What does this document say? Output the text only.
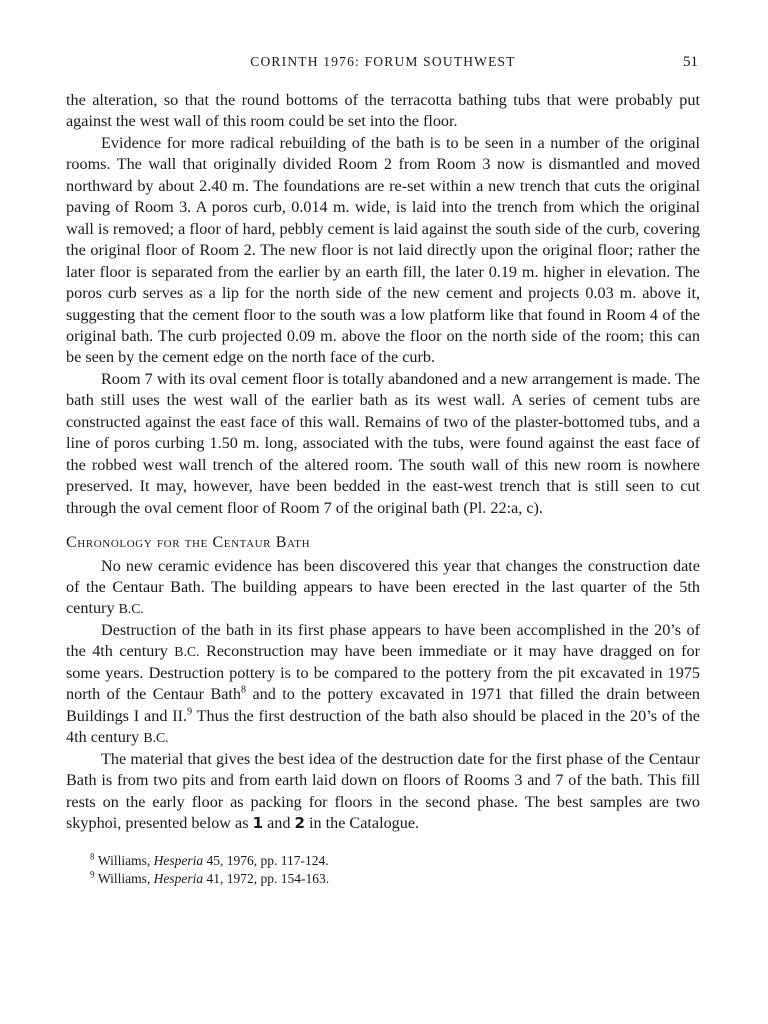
CORINTH 1976: FORUM SOUTHWEST	51

the alteration, so that the round bottoms of the terracotta bathing tubs that were probably put against the west wall of this room could be set into the floor.

Evidence for more radical rebuilding of the bath is to be seen in a number of the original rooms. The wall that originally divided Room 2 from Room 3 now is dismantled and moved northward by about 2.40 m. The foundations are re-set within a new trench that cuts the original paving of Room 3. A poros curb, 0.014 m. wide, is laid into the trench from which the original wall is removed; a floor of hard, pebbly cement is laid against the south side of the curb, covering the original floor of Room 2. The new floor is not laid directly upon the original floor; rather the later floor is separated from the earlier by an earth fill, the later 0.19 m. higher in elevation. The poros curb serves as a lip for the north side of the new cement and projects 0.03 m. above it, suggesting that the cement floor to the south was a low platform like that found in Room 4 of the original bath. The curb projected 0.09 m. above the floor on the north side of the room; this can be seen by the cement edge on the north face of the curb.

Room 7 with its oval cement floor is totally abandoned and a new arrangement is made. The bath still uses the west wall of the earlier bath as its west wall. A series of cement tubs are constructed against the east face of this wall. Remains of two of the plaster-bottomed tubs, and a line of poros curbing 1.50 m. long, associated with the tubs, were found against the east face of the robbed west wall trench of the altered room. The south wall of this new room is nowhere preserved. It may, however, have been bedded in the east-west trench that is still seen to cut through the oval cement floor of Room 7 of the original bath (Pl. 22:a, c).

Chronology for the Centaur Bath

No new ceramic evidence has been discovered this year that changes the construction date of the Centaur Bath. The building appears to have been erected in the last quarter of the 5th century B.C.

Destruction of the bath in its first phase appears to have been accomplished in the 20’s of the 4th century B.C. Reconstruction may have been immediate or it may have dragged on for some years. Destruction pottery is to be compared to the pottery from the pit excavated in 1975 north of the Centaur Bath$^8$ and to the pottery excavated in 1971 that filled the drain between Buildings I and II.$^9$ Thus the first destruction of the bath also should be placed in the 20’s of the 4th century B.C.

The material that gives the best idea of the destruction date for the first phase of the Centaur Bath is from two pits and from earth laid down on floors of Rooms 3 and 7 of the bath. This fill rests on the early floor as packing for floors in the second phase. The best samples are two skyphoi, presented below as 1 and 2 in the Catalogue.

$^8$ Williams, Hesperia 45, 1976, pp. 117-124.
$^9$ Williams, Hesperia 41, 1972, pp. 154-163.
